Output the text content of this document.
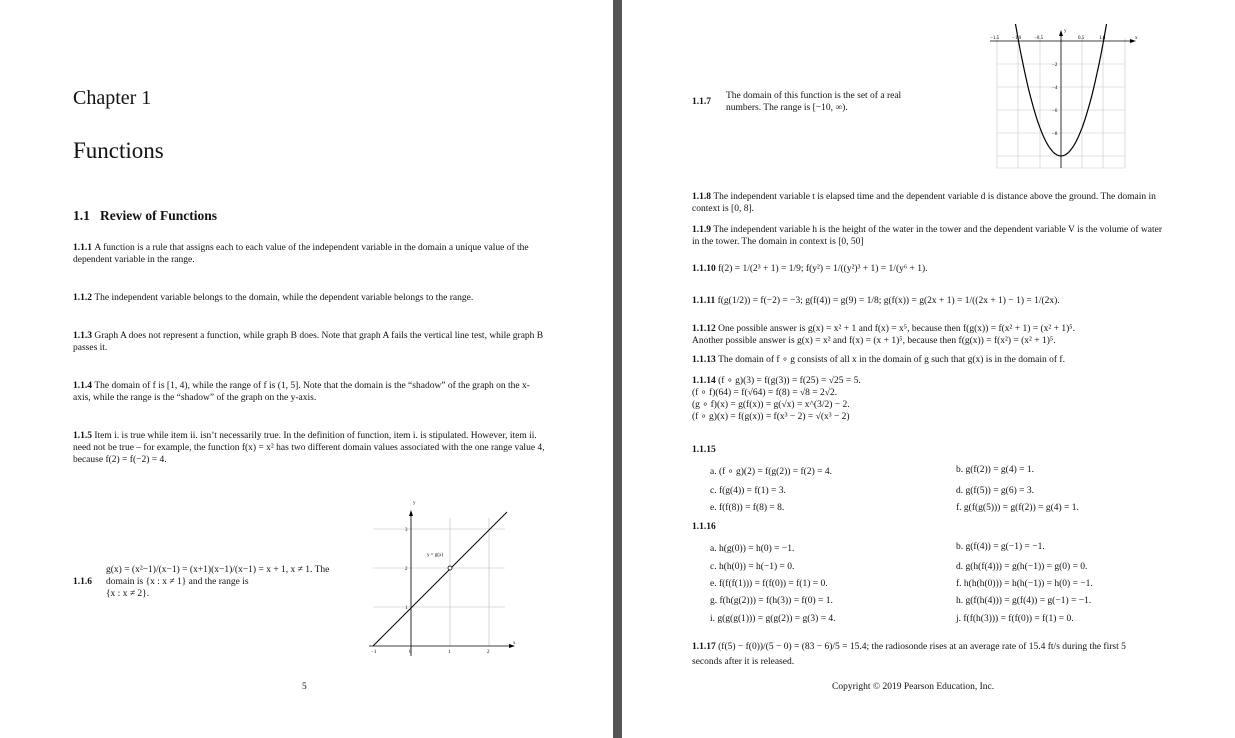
Chapter 1
Functions
1.1 Review of Functions
1.1.1 A function is a rule that assigns each to each value of the independent variable in the domain a unique value of the dependent variable in the range.
1.1.2 The independent variable belongs to the domain, while the dependent variable belongs to the range.
1.1.3 Graph A does not represent a function, while graph B does. Note that graph A fails the vertical line test, while graph B passes it.
1.1.4 The domain of f is [1, 4), while the range of f is (1, 5]. Note that the domain is the “shadow” of the graph on the x-axis, while the range is the “shadow” of the graph on the y-axis.
1.1.5 Item i. is true while item ii. isn’t necessarily true. In the definition of function, item i. is stipulated. However, item ii. need not be true – for example, the function f(x) = x² has two different domain values associated with the one range value 4, because f(2) = f(−2) = 4.
1.1.6
g(x) = (x²−1)/(x−1) = (x+1)(x−1)/(x−1) = x + 1, x ≠ 1. The
domain is {x : x ≠ 1} and the range is
{x : x ≠ 2}.
y = g(x)
y
x
−1	0	1	2
1
2
3
5
y
x
−1.5	−1.0	−0.5	0.5	1.0
−2
−4
−6
−8
1.1.7
The domain of this function is the set of a real
numbers. The range is [−10, ∞).
1.1.8 The independent variable t is elapsed time and the dependent variable d is distance above the ground. The domain in context is [0, 8].
1.1.9 The independent variable h is the height of the water in the tower and the dependent variable V is the volume of water in the tower. The domain in context is [0, 50]
1.1.10 f(2) = 1/(2³ + 1) = 1/9; f(y²) = 1/((y²)³ + 1) = 1/(y⁶ + 1).
1.1.11 f(g(1/2)) = f(−2) = −3; g(f(4)) = g(9) = 1/8; g(f(x)) = g(2x + 1) = 1/((2x + 1) − 1) = 1/(2x).
1.1.12 One possible answer is g(x) = x² + 1 and f(x) = x⁵, because then f(g(x)) = f(x² + 1) = (x² + 1)⁵.
Another possible answer is g(x) = x² and f(x) = (x + 1)⁵, because then f(g(x)) = f(x²) = (x² + 1)⁵.
1.1.13 The domain of f ∘ g consists of all x in the domain of g such that g(x) is in the domain of f.
1.1.14 (f ∘ g)(3) = f(g(3)) = f(25) = √25 = 5.
(f ∘ f)(64) = f(√64) = f(8) = √8 = 2√2.
(g ∘ f)(x) = g(f(x)) = g(√x) = x^(3/2) − 2.
(f ∘ g)(x) = f(g(x)) = f(x³ − 2) = √(x³ − 2)
1.1.15
a. (f ∘ g)(2) = f(g(2)) = f(2) = 4.	b. g(f(2)) = g(4) = 1.
c. f(g(4)) = f(1) = 3.	d. g(f(5)) = g(6) = 3.
e. f(f(8)) = f(8) = 8.	f. g(f(g(5))) = g(f(2)) = g(4) = 1.
1.1.16
a. h(g(0)) = h(0) = −1.	b. g(f(4)) = g(−1) = −1.
c. h(h(0)) = h(−1) = 0.	d. g(h(f(4))) = g(h(−1)) = g(0) = 0.
e. f(f(f(1))) = f(f(0)) = f(1) = 0.	f. h(h(h(0))) = h(h(−1)) = h(0) = −1.
g. f(h(g(2))) = f(h(3)) = f(0) = 1.	h. g(f(h(4))) = g(f(4)) = g(−1) = −1.
i. g(g(g(1))) = g(g(2)) = g(3) = 4.	j. f(f(h(3))) = f(f(0)) = f(1) = 0.
1.1.17 (f(5) − f(0))/(5 − 0) = (83 − 6)/5 = 15.4; the radiosonde rises at an average rate of 15.4 ft/s during the first 5
seconds after it is released.
Copyright © 2019 Pearson Education, Inc.
